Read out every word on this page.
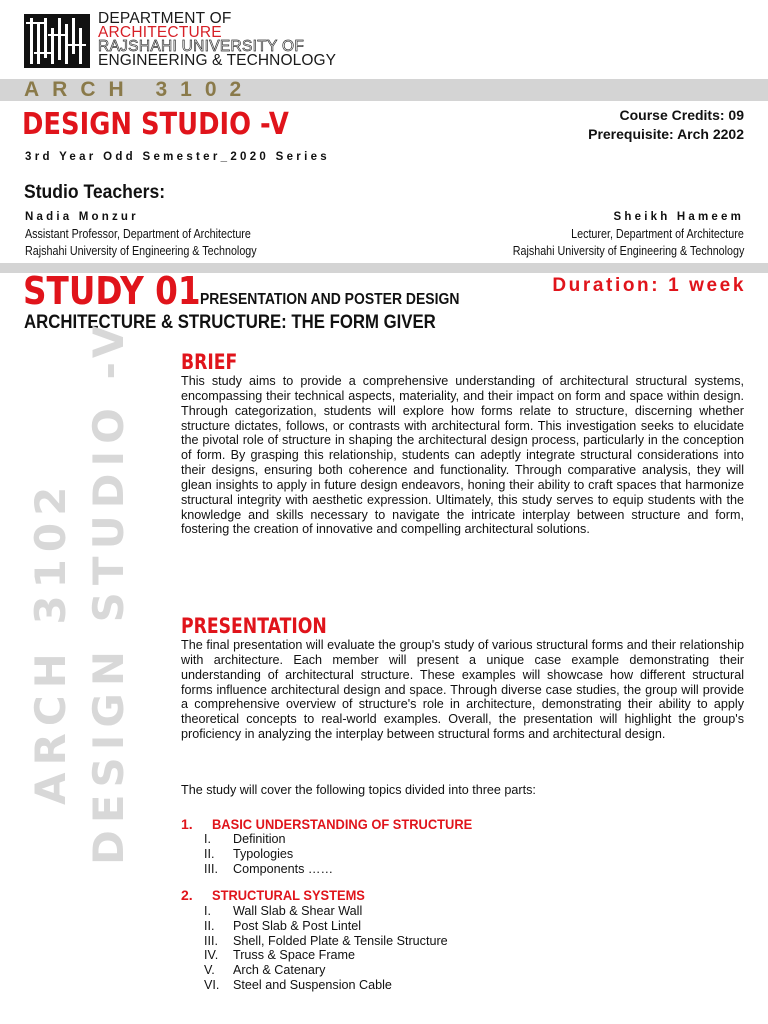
DEPARTMENT OF
ARCHITECTURE
RAJSHAHI UNIVERSITY OF
ENGINEERING & TECHNOLOGY
ARCH 3102
DESIGN STUDIO -V	Course Credits: 09
Prerequisite: Arch 2202
3rd Year Odd Semester_2020 Series
Studio Teachers:
Nadia Monzur
Assistant Professor, Department of Architecture
Rajshahi University of Engineering & Technology
Sheikh Hameem
Lecturer, Department of Architecture
Rajshahi University of Engineering & Technology
STUDY 01 PRESENTATION AND POSTER DESIGN
Duration: 1 week
ARCHITECTURE & STRUCTURE: THE FORM GIVER
ARCH 3102 DESIGN STUDIO -V BRIEF
This study aims to provide a comprehensive understanding of architectural structural systems, encompassing their technical aspects, materiality, and their impact on form and space within design. Through categorization, students will explore how forms relate to structure, discerning whether structure dictates, follows, or contrasts with architectural form. This investigation seeks to elucidate the pivotal role of structure in shaping the architectural design process, particularly in the conception of form. By grasping this relationship, students can adeptly integrate structural considerations into their designs, ensuring both coherence and functionality. Through comparative analysis, they will glean insights to apply in future design endeavors, honing their ability to craft spaces that harmonize structural integrity with aesthetic expression. Ultimately, this study serves to equip students with the knowledge and skills necessary to navigate the intricate interplay between structure and form, fostering the creation of innovative and compelling architectural solutions.
PRESENTATION
The final presentation will evaluate the group's study of various structural forms and their relationship with architecture. Each member will present a unique case example demonstrating their understanding of architectural structure. These examples will showcase how different structural forms influence architectural design and space. Through diverse case studies, the group will provide a comprehensive overview of structure's role in architecture, demonstrating their ability to apply theoretical concepts to real-world examples. Overall, the presentation will highlight the group's proficiency in analyzing the interplay between structural forms and architectural design.
The study will cover the following topics divided into three parts:
1. BASIC UNDERSTANDING OF STRUCTURE
I. Definition
II. Typologies
III. Components ……
2. STRUCTURAL SYSTEMS
I. Wall Slab & Shear Wall
II. Post Slab & Post Lintel
III. Shell, Folded Plate & Tensile Structure
IV. Truss & Space Frame
V. Arch & Catenary
VI. Steel and Suspension Cable
